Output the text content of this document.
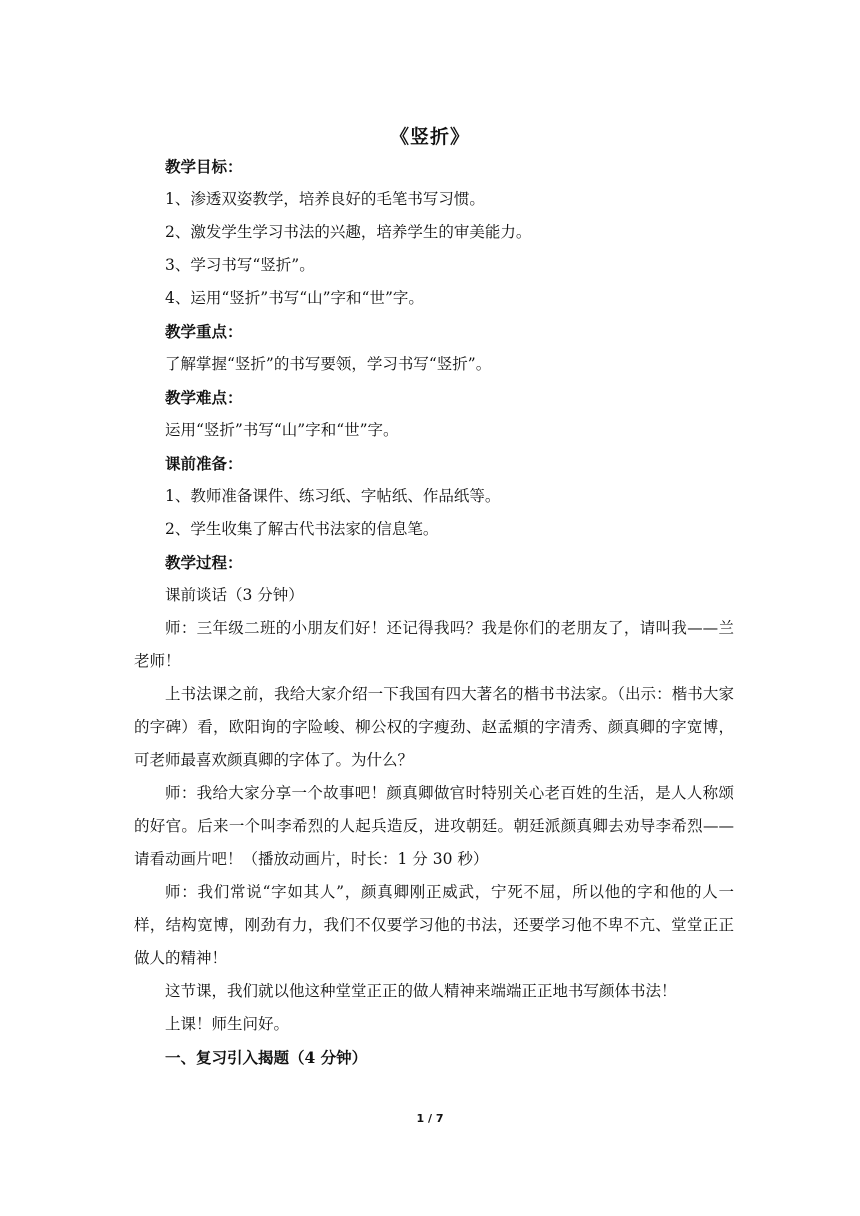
《竖折》
教学目标：
1、渗透双姿教学，培养良好的毛笔书写习惯。
2、激发学生学习书法的兴趣，培养学生的审美能力。
3、学习书写“竖折”。
4、运用“竖折”书写“山”字和“世”字。
教学重点：
了解掌握“竖折”的书写要领，学习书写“竖折”。
教学难点：
运用“竖折”书写“山”字和“世”字。
课前准备：
1、教师准备课件、练习纸、字帖纸、作品纸等。
2、学生收集了解古代书法家的信息笔。
教学过程：
课前谈话（3 分钟）
师：三年级二班的小朋友们好！还记得我吗？我是你们的老朋友了，请叫我——兰老师！
上书法课之前，我给大家介绍一下我国有四大著名的楷书书法家。（出示：楷书大家的字碑）看，欧阳询的字险峻、柳公权的字瘦劲、赵孟頫的字清秀、颜真卿的字宽博，可老师最喜欢颜真卿的字体了。为什么？
师：我给大家分享一个故事吧！颜真卿做官时特别关心老百姓的生活，是人人称颂的好官。后来一个叫李希烈的人起兵造反，进攻朝廷。朝廷派颜真卿去劝导李希烈——请看动画片吧！（播放动画片，时长：1 分 30 秒）
师：我们常说“字如其人”，颜真卿刚正威武，宁死不屈，所以他的字和他的人一样，结构宽博，刚劲有力，我们不仅要学习他的书法，还要学习他不卑不亢、堂堂正正做人的精神！
这节课，我们就以他这种堂堂正正的做人精神来端端正正地书写颜体书法！
上课！师生问好。
一、复习引入揭题（4 分钟）
1 / 7
